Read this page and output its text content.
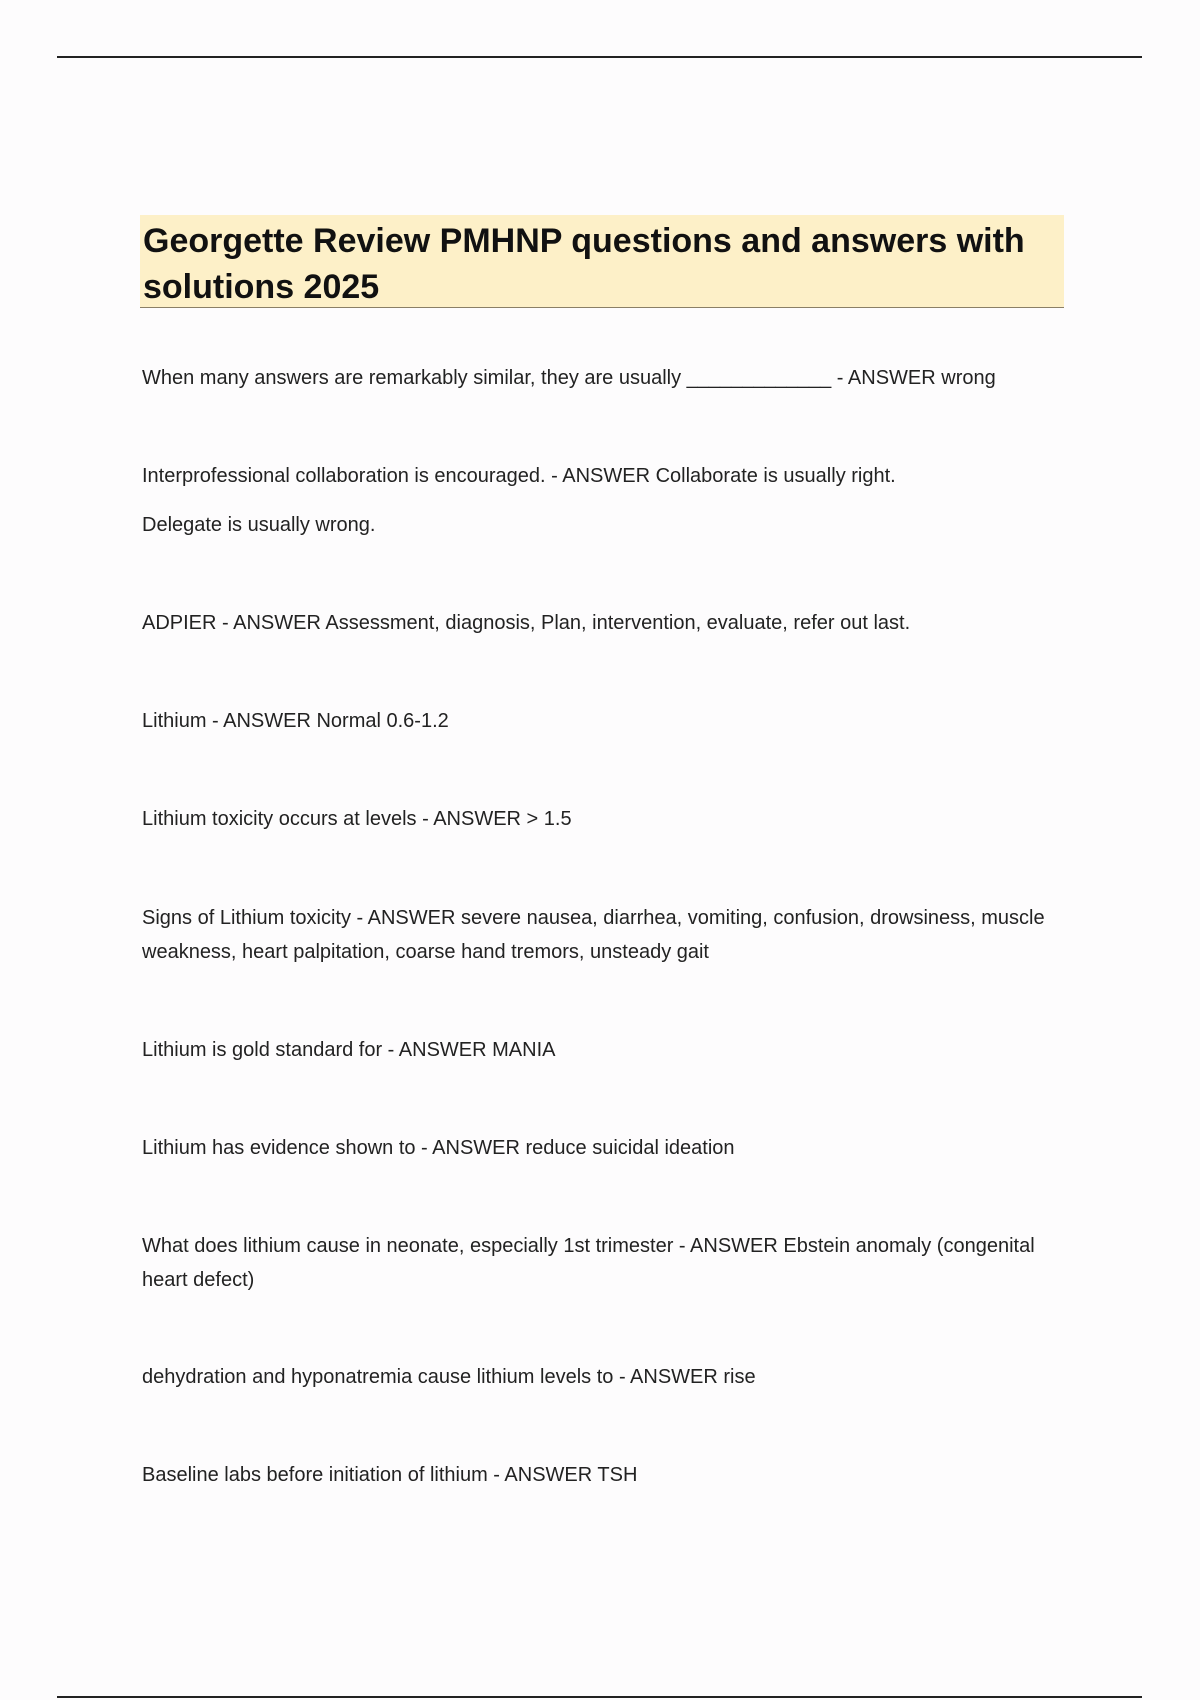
Georgette Review PMHNP questions and answers with solutions 2025

When many answers are remarkably similar, they are usually _____________ - ANSWER wrong

Interprofessional collaboration is encouraged. - ANSWER Collaborate is usually right.

Delegate is usually wrong.

ADPIER - ANSWER Assessment, diagnosis, Plan, intervention, evaluate, refer out last.

Lithium - ANSWER Normal 0.6-1.2

Lithium toxicity occurs at levels - ANSWER > 1.5

Signs of Lithium toxicity - ANSWER severe nausea, diarrhea, vomiting, confusion, drowsiness, muscle weakness, heart palpitation, coarse hand tremors, unsteady gait

Lithium is gold standard for - ANSWER MANIA

Lithium has evidence shown to - ANSWER reduce suicidal ideation

What does lithium cause in neonate, especially 1st trimester - ANSWER Ebstein anomaly (congenital heart defect)

dehydration and hyponatremia cause lithium levels to - ANSWER rise

Baseline labs before initiation of lithium - ANSWER TSH
